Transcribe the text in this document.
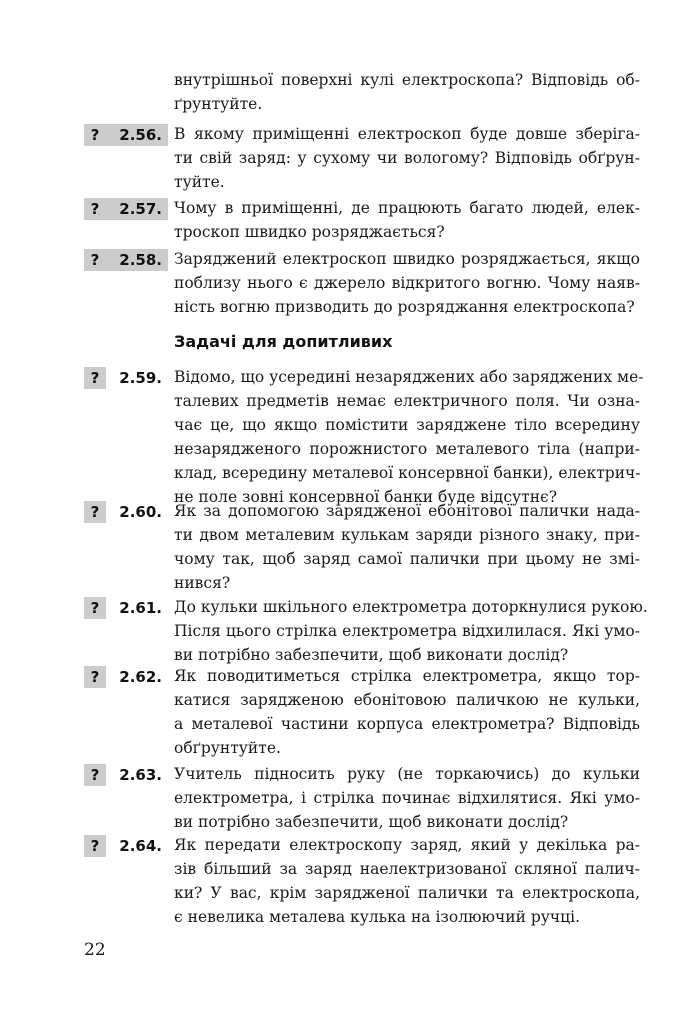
внутрішньої поверхні кулі електроскопа? Відповідь об-
ґрунтуйте.
?	2.56. В якому приміщенні електроскоп буде довше зберіга-
ти свій заряд: у сухому чи вологому? Відповідь обґрун-
туйте.
?	2.57. Чому в приміщенні, де працюють багато людей, елек-
троскоп швидко розряджається?
?	2.58. Заряджений електроскоп швидко розряджається, якщо
поблизу нього є джерело відкритого вогню. Чому наяв-
ність вогню призводить до розряджання електроскопа?
Задачі для допитливих
?	2.59. Відомо, що усередині незаряджених або заряджених ме-
талевих предметів немає електричного поля. Чи озна-
чає це, що якщо помістити заряджене тіло всередину
незарядженого порожнистого металевого тіла (напри-
клад, всередину металевої консервної банки), електрич-
не поле зовні консервної банки буде відсутнє?
?	2.60. Як за допомогою зарядженої ебонітової палички нада-
ти двом металевим кулькам заряди різного знаку, при-
чому так, щоб заряд самої палички при цьому не змі-
нився?
?	2.61. До кульки шкільного електрометра доторкнулися рукою.
Після цього стрілка електрометра відхилилася. Які умо-
ви потрібно забезпечити, щоб виконати дослід?
?	2.62. Як поводитиметься стрілка електрометра, якщо тор-
катися зарядженою ебонітовою паличкою не кульки,
а металевої частини корпуса електрометра? Відповідь
обґрунтуйте.
?	2.63. Учитель підносить руку (не торкаючись) до кульки
електрометра, і стрілка починає відхилятися. Які умо-
ви потрібно забезпечити, щоб виконати дослід?
?	2.64. Як передати електроскопу заряд, який у декілька ра-
зів більший за заряд наелектризованої скляної палич-
ки? У вас, крім зарядженої палички та електроскопа,
є невелика металева кулька на ізолюючий ручці.
22
